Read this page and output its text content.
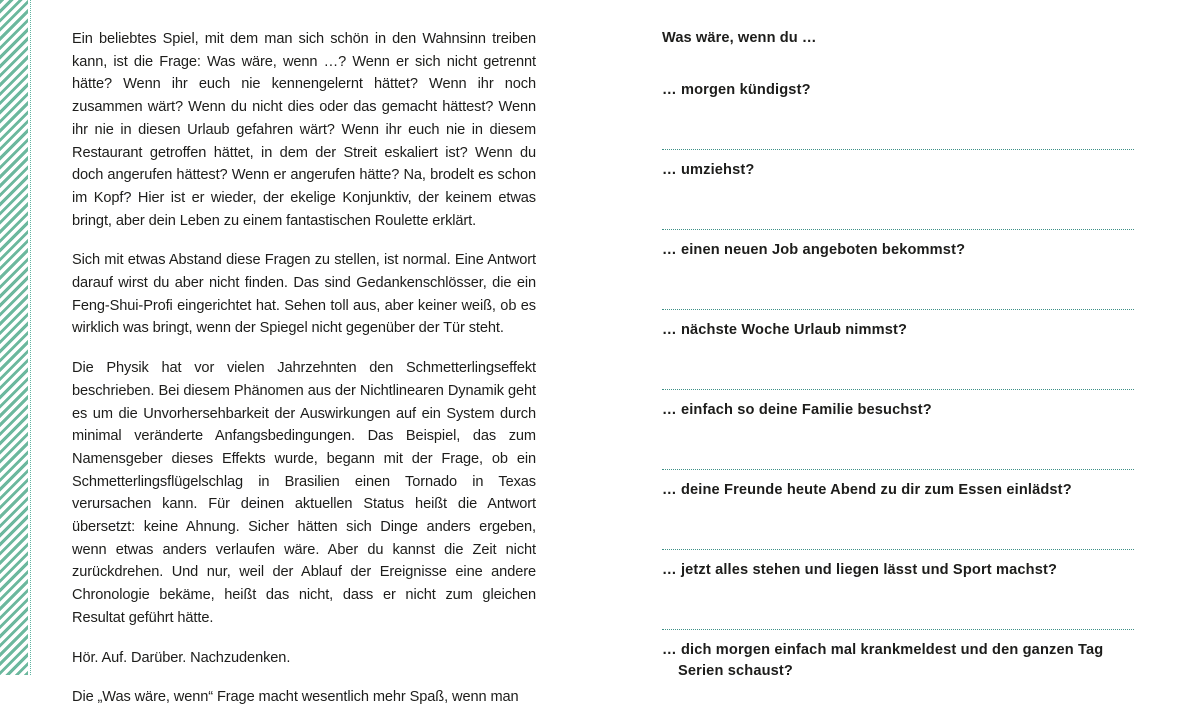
Ein beliebtes Spiel, mit dem man sich schön in den Wahnsinn treiben kann, ist die Frage: Was wäre, wenn …? Wenn er sich nicht getrennt hätte? Wenn ihr euch nie kennengelernt hättet? Wenn ihr noch zusammen wärt? Wenn du nicht dies oder das gemacht hättest? Wenn ihr nie in diesen Urlaub gefahren wärt? Wenn ihr euch nie in diesem Restaurant getroffen hättet, in dem der Streit eskaliert ist? Wenn du doch angerufen hättest? Wenn er angerufen hätte? Na, brodelt es schon im Kopf? Hier ist er wieder, der ekelige Konjunktiv, der keinem etwas bringt, aber dein Leben zu einem fantastischen Roulette erklärt.

Sich mit etwas Abstand diese Fragen zu stellen, ist normal. Eine Antwort darauf wirst du aber nicht finden. Das sind Gedankenschlösser, die ein Feng-Shui-Profi eingerichtet hat. Sehen toll aus, aber keiner weiß, ob es wirklich was bringt, wenn der Spiegel nicht gegenüber der Tür steht.

Die Physik hat vor vielen Jahrzehnten den Schmetterlingseffekt beschrieben. Bei diesem Phänomen aus der Nichtlinearen Dynamik geht es um die Unvorhersehbarkeit der Auswirkungen auf ein System durch minimal veränderte Anfangsbedingungen. Das Beispiel, das zum Namensgeber dieses Effekts wurde, begann mit der Frage, ob ein Schmetterlingsflügelschlag in Brasilien einen Tornado in Texas verursachen kann. Für deinen aktuellen Status heißt die Antwort übersetzt: keine Ahnung. Sicher hätten sich Dinge anders ergeben, wenn etwas anders verlaufen wäre. Aber du kannst die Zeit nicht zurückdrehen. Und nur, weil der Ablauf der Ereignisse eine andere Chronologie bekäme, heißt das nicht, dass er nicht zum gleichen Resultat geführt hätte.

Hör. Auf. Darüber. Nachzudenken.

Die „Was wäre, wenn“ Frage macht wesentlich mehr Spaß, wenn man

Was wäre, wenn du …
… morgen kündigst?
… umziehst?
… einen neuen Job angeboten bekommst?
… nächste Woche Urlaub nimmst?
… einfach so deine Familie besuchst?
… deine Freunde heute Abend zu dir zum Essen einlädst?
… jetzt alles stehen und liegen lässt und Sport machst?
… dich morgen einfach mal krankmeldest und den ganzen Tag
Serien schaust?
